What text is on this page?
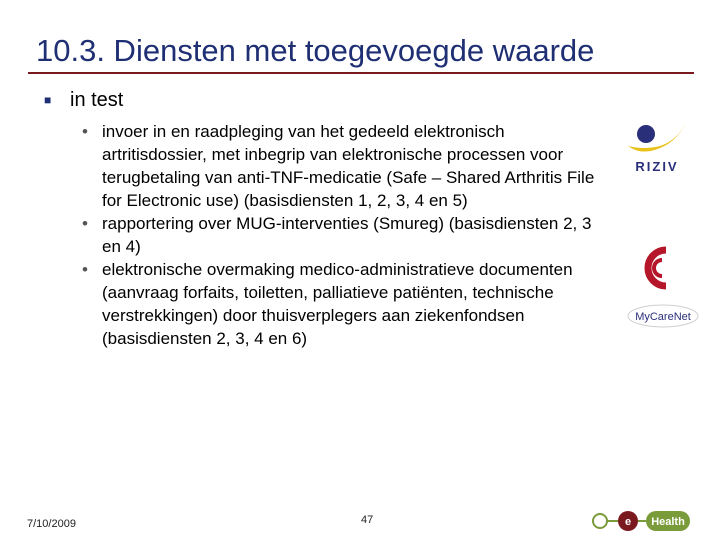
10.3. Diensten met toegevoegde waarde
■ in test
• invoer in en raadpleging van het gedeeld elektronisch artritisdossier, met inbegrip van elektronische processen voor terugbetaling van anti-TNF-medicatie (Safe – Shared Arthritis File for Electronic use) (basisdiensten 1, 2, 3, 4 en 5)
• rapportering over MUG-interventies (Smureg) (basisdiensten 2, 3 en 4)
• elektronische overmaking medico-administratieve documenten (aanvraag forfaits, toiletten, palliatieve patiënten, technische verstrekkingen) door thuisverplegers aan ziekenfondsen (basisdiensten 2, 3, 4 en 6)
RIZIV
MyCareNet
e Health
7/10/2009	47
